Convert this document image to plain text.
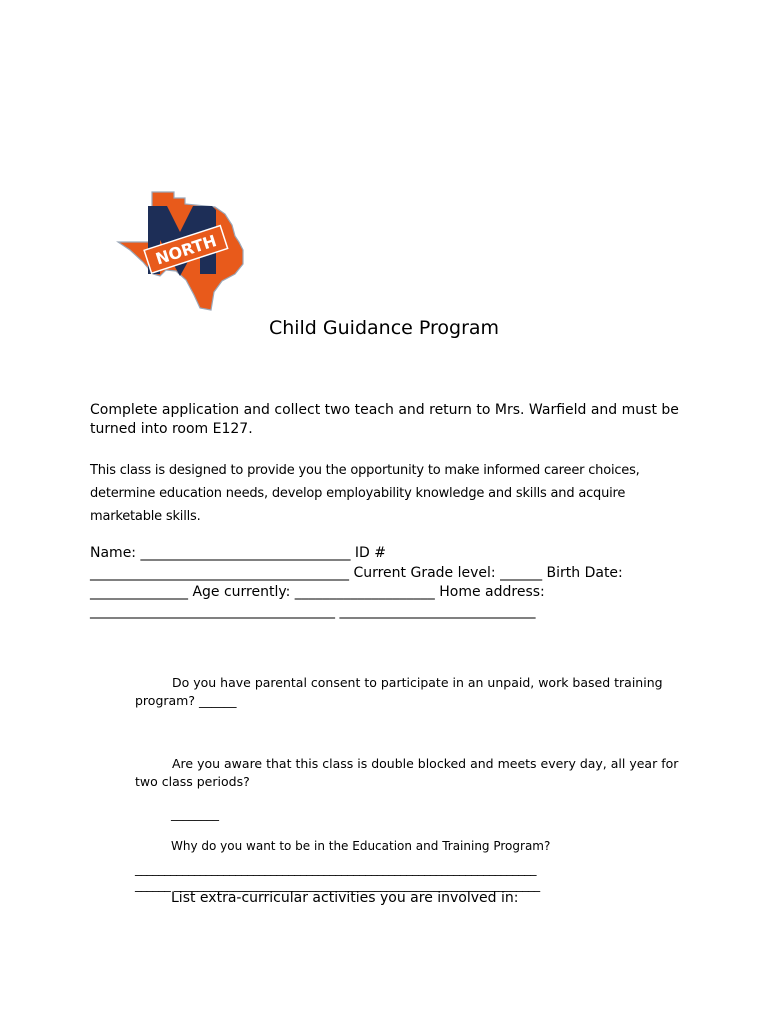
NORTH
Child Guidance Program
Complete application and collect two teach and return to Mrs. Warfield and must be turned into room E127.
This class is designed to provide you the opportunity to make informed career choices, determine education needs, develop employability knowledge and skills and acquire marketable skills.
Name: ______________________________ ID #
_____________________________________ Current Grade level: ______ Birth Date:
______________ Age currently: ____________________ Home address:
___________________________________ ____________________________
Do you have parental consent to participate in an unpaid, work based training program? ______
Are you aware that this class is double blocked and meets every day, all year for two class periods?
________
Why do you want to be in the Education and Training Program?
____________________________________________________________________
______ ______________________________________________________________
List extra-curricular activities you are involved in:
